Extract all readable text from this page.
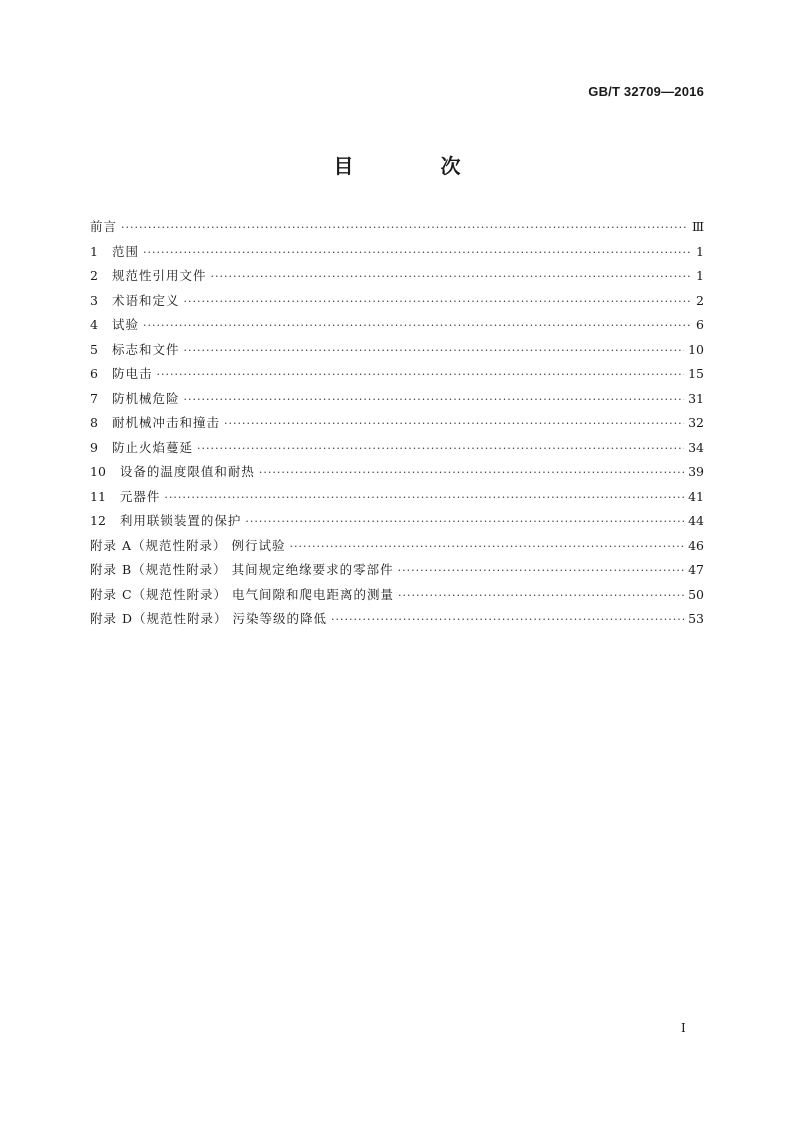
GB/T 32709—2016
目 次
前言 ·····	Ⅲ
1 范围 ·····	1
2 规范性引用文件 ·····	1
3 术语和定义 ·····	2
4 试验 ·····	6
5 标志和文件 ·····	10
6 防电击 ·····	15
7 防机械危险 ·····	31
8 耐机械冲击和撞击 ·····	32
9 防止火焰蔓延 ·····	34
10 设备的温度限值和耐热 ·····	39
11 元器件 ·····	41
12 利用联锁装置的保护 ·····	44
附录 A（规范性附录） 例行试验 ·····	46
附录 B（规范性附录） 其间规定绝缘要求的零部件 ·····	47
附录 C（规范性附录） 电气间隙和爬电距离的测量 ·····	50
附录 D（规范性附录） 污染等级的降低 ·····	53
I
